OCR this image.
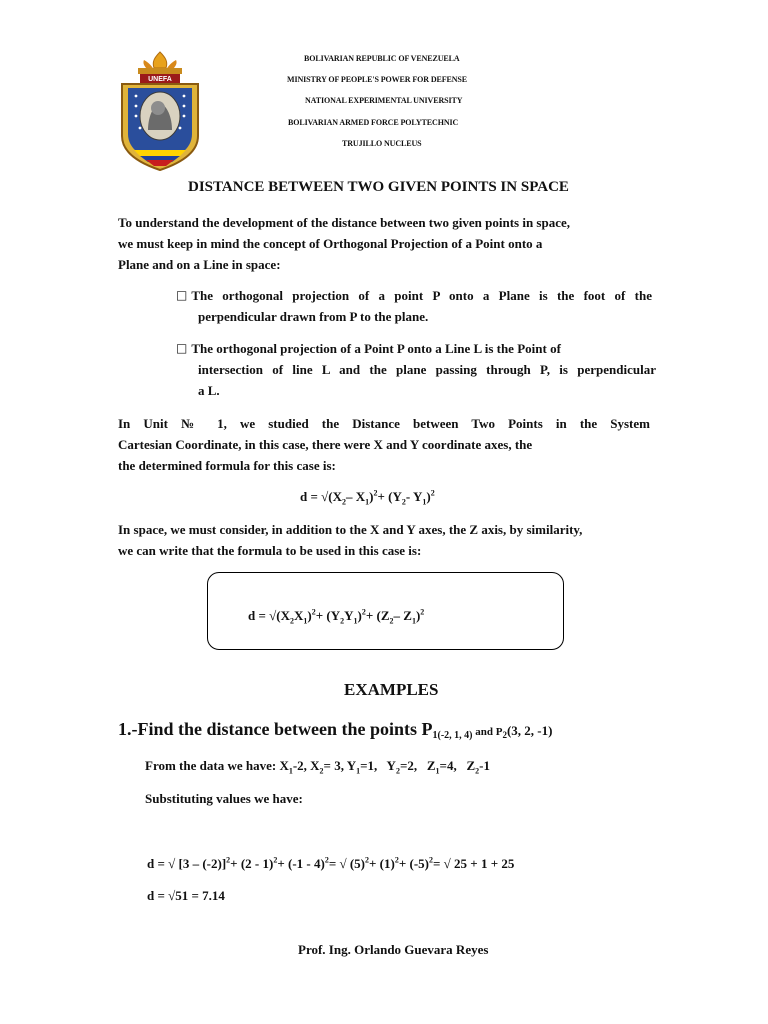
UNEFA
BOLIVARIAN REPUBLIC OF VENEZUELA
MINISTRY OF PEOPLE'S POWER FOR DEFENSE
NATIONAL EXPERIMENTAL UNIVERSITY
BOLIVARIAN ARMED FORCE POLYTECHNIC
TRUJILLO NUCLEUS
DISTANCE BETWEEN TWO GIVEN POINTS IN SPACE
To understand the development of the distance between two given points in space,
we must keep in mind the concept of Orthogonal Projection of a Point onto a
Plane and on a Line in space:
□ The orthogonal projection of a point P onto a Plane is the foot of the
perpendicular drawn from P to the plane.
□ The orthogonal projection of a Point P onto a Line L is the Point of
intersection of line L and the plane passing through P, is perpendicular
a L.
In Unit № 1, we studied the Distance between Two Points in the System
Cartesian Coordinate, in this case, there were X and Y coordinate axes, the
the determined formula for this case is:
$d = √(X_2-$ $X_1)^2+ (Y_2-$ $Y_1)^2$
In space, we must consider, in addition to the X and Y axes, the Z axis, by similarity,
we can write that the formula to be used in this case is:
$d = √(X_2X_1)^2+ (Y_2Y_1)^2+ (Z_2-$ $Z_1)^2$
EXAMPLES
1.-Find the distance between the points $P_{1(-2, 1, 4)}$ and $P_2(3$, 2, -1)
From the data we have: $X_1-2$, $X_2= 3$, $Y_1=1$,   $Y_2=2$,   $Z_1=4$,   $Z_2-1$
Substituting values we have:
d = √ [3 – (-2)]$^2$+ (2 - 1)$^2$+ (-1 - 4)$^2$= √ $(5)^2+ (1)^2+ (-5)^2=$ √ 25 + 1 + 25
d = √51 = 7.14
Prof. Ing. Orlando Guevara Reyes
